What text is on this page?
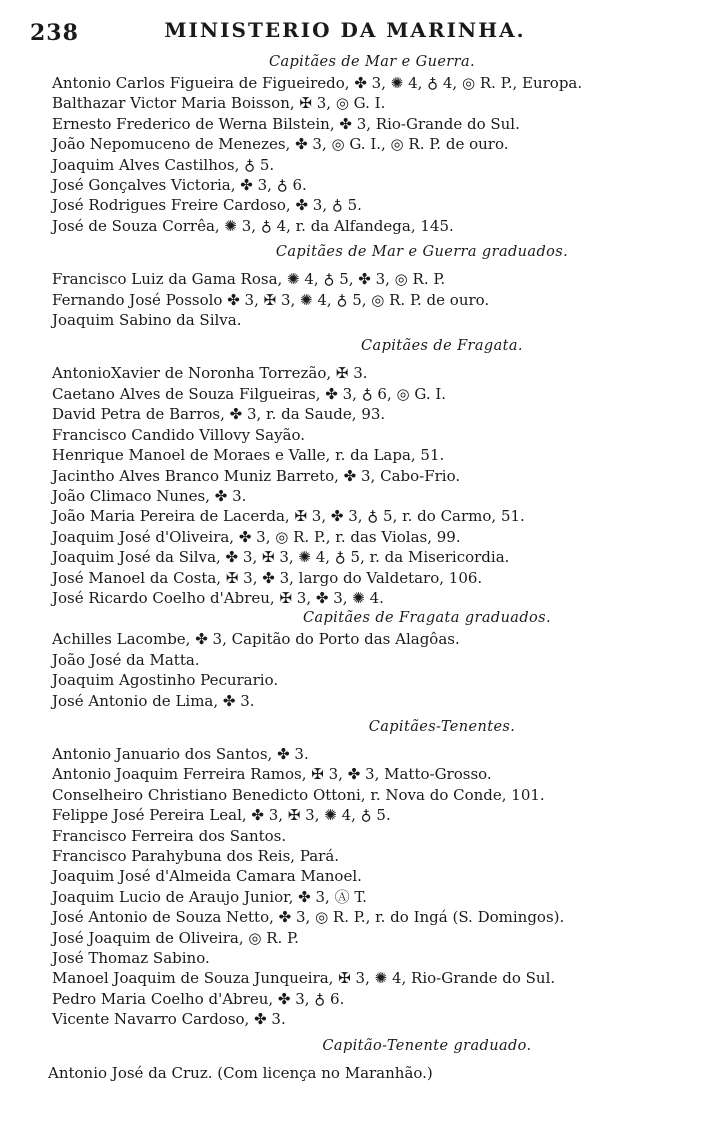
238	MINISTERIO DA MARINHA.
Capitães de Mar e Guerra.
Antonio Carlos Figueira de Figueiredo, ✤ 3, ✺ 4, ♁ 4, ◎ R. P., Europa.
Balthazar Victor Maria Boisson, ✠ 3, ◎ G. I.
Ernesto Frederico de Werna Bilstein, ✤ 3, Rio-Grande do Sul.
João Nepomuceno de Menezes, ✤ 3, ◎ G. I., ◎ R. P. de ouro.
Joaquim Alves Castilhos, ♁ 5.
José Gonçalves Victoria, ✤ 3, ♁ 6.
José Rodrigues Freire Cardoso, ✤ 3, ♁ 5.
José de Souza Corrêa, ✺ 3, ♁ 4, r. da Alfandega, 145.
Capitães de Mar e Guerra graduados.
Francisco Luiz da Gama Rosa, ✺ 4, ♁ 5, ✤ 3, ◎ R. P.
Fernando José Possolo ✤ 3, ✠ 3, ✺ 4, ♁ 5, ◎ R. P. de ouro.
Joaquim Sabino da Silva.
Capitães de Fragata.
AntonioXavier de Noronha Torrezão, ✠ 3.
Caetano Alves de Souza Filgueiras, ✤ 3, ♁ 6, ◎ G. I.
David Petra de Barros, ✤ 3, r. da Saude, 93.
Francisco Candido Villovy Sayão.
Henrique Manoel de Moraes e Valle, r. da Lapa, 51.
Jacintho Alves Branco Muniz Barreto, ✤ 3, Cabo-Frio.
João Climaco Nunes, ✤ 3.
João Maria Pereira de Lacerda, ✠ 3, ✤ 3, ♁ 5, r. do Carmo, 51.
Joaquim José d'Oliveira, ✤ 3, ◎ R. P., r. das Violas, 99.
Joaquim José da Silva, ✤ 3, ✠ 3, ✺ 4, ♁ 5, r. da Misericordia.
José Manoel da Costa, ✠ 3, ✤ 3, largo do Valdetaro, 106.
José Ricardo Coelho d'Abreu, ✠ 3, ✤ 3, ✺ 4.
Capitães de Fragata graduados.
Achilles Lacombe, ✤ 3, Capitão do Porto das Alagôas.
João José da Matta.
Joaquim Agostinho Pecurario.
José Antonio de Lima, ✤ 3.
Capitães-Tenentes.
Antonio Januario dos Santos, ✤ 3.
Antonio Joaquim Ferreira Ramos, ✠ 3, ✤ 3, Matto-Grosso.
Conselheiro Christiano Benedicto Ottoni, r. Nova do Conde, 101.
Felippe José Pereira Leal, ✤ 3, ✠ 3, ✺ 4, ♁ 5.
Francisco Ferreira dos Santos.
Francisco Parahybuna dos Reis, Pará.
Joaquim José d'Almeida Camara Manoel.
Joaquim Lucio de Araujo Junior, ✤ 3, Ⓐ T.
José Antonio de Souza Netto, ✤ 3, ◎ R. P., r. do Ingá (S. Domingos).
José Joaquim de Oliveira, ◎ R. P.
José Thomaz Sabino.
Manoel Joaquim de Souza Junqueira, ✠ 3, ✺ 4, Rio-Grande do Sul.
Pedro Maria Coelho d'Abreu, ✤ 3, ♁ 6.
Vicente Navarro Cardoso, ✤ 3.
Capitão-Tenente graduado.
Antonio José da Cruz. (Com licença no Maranhão.)
